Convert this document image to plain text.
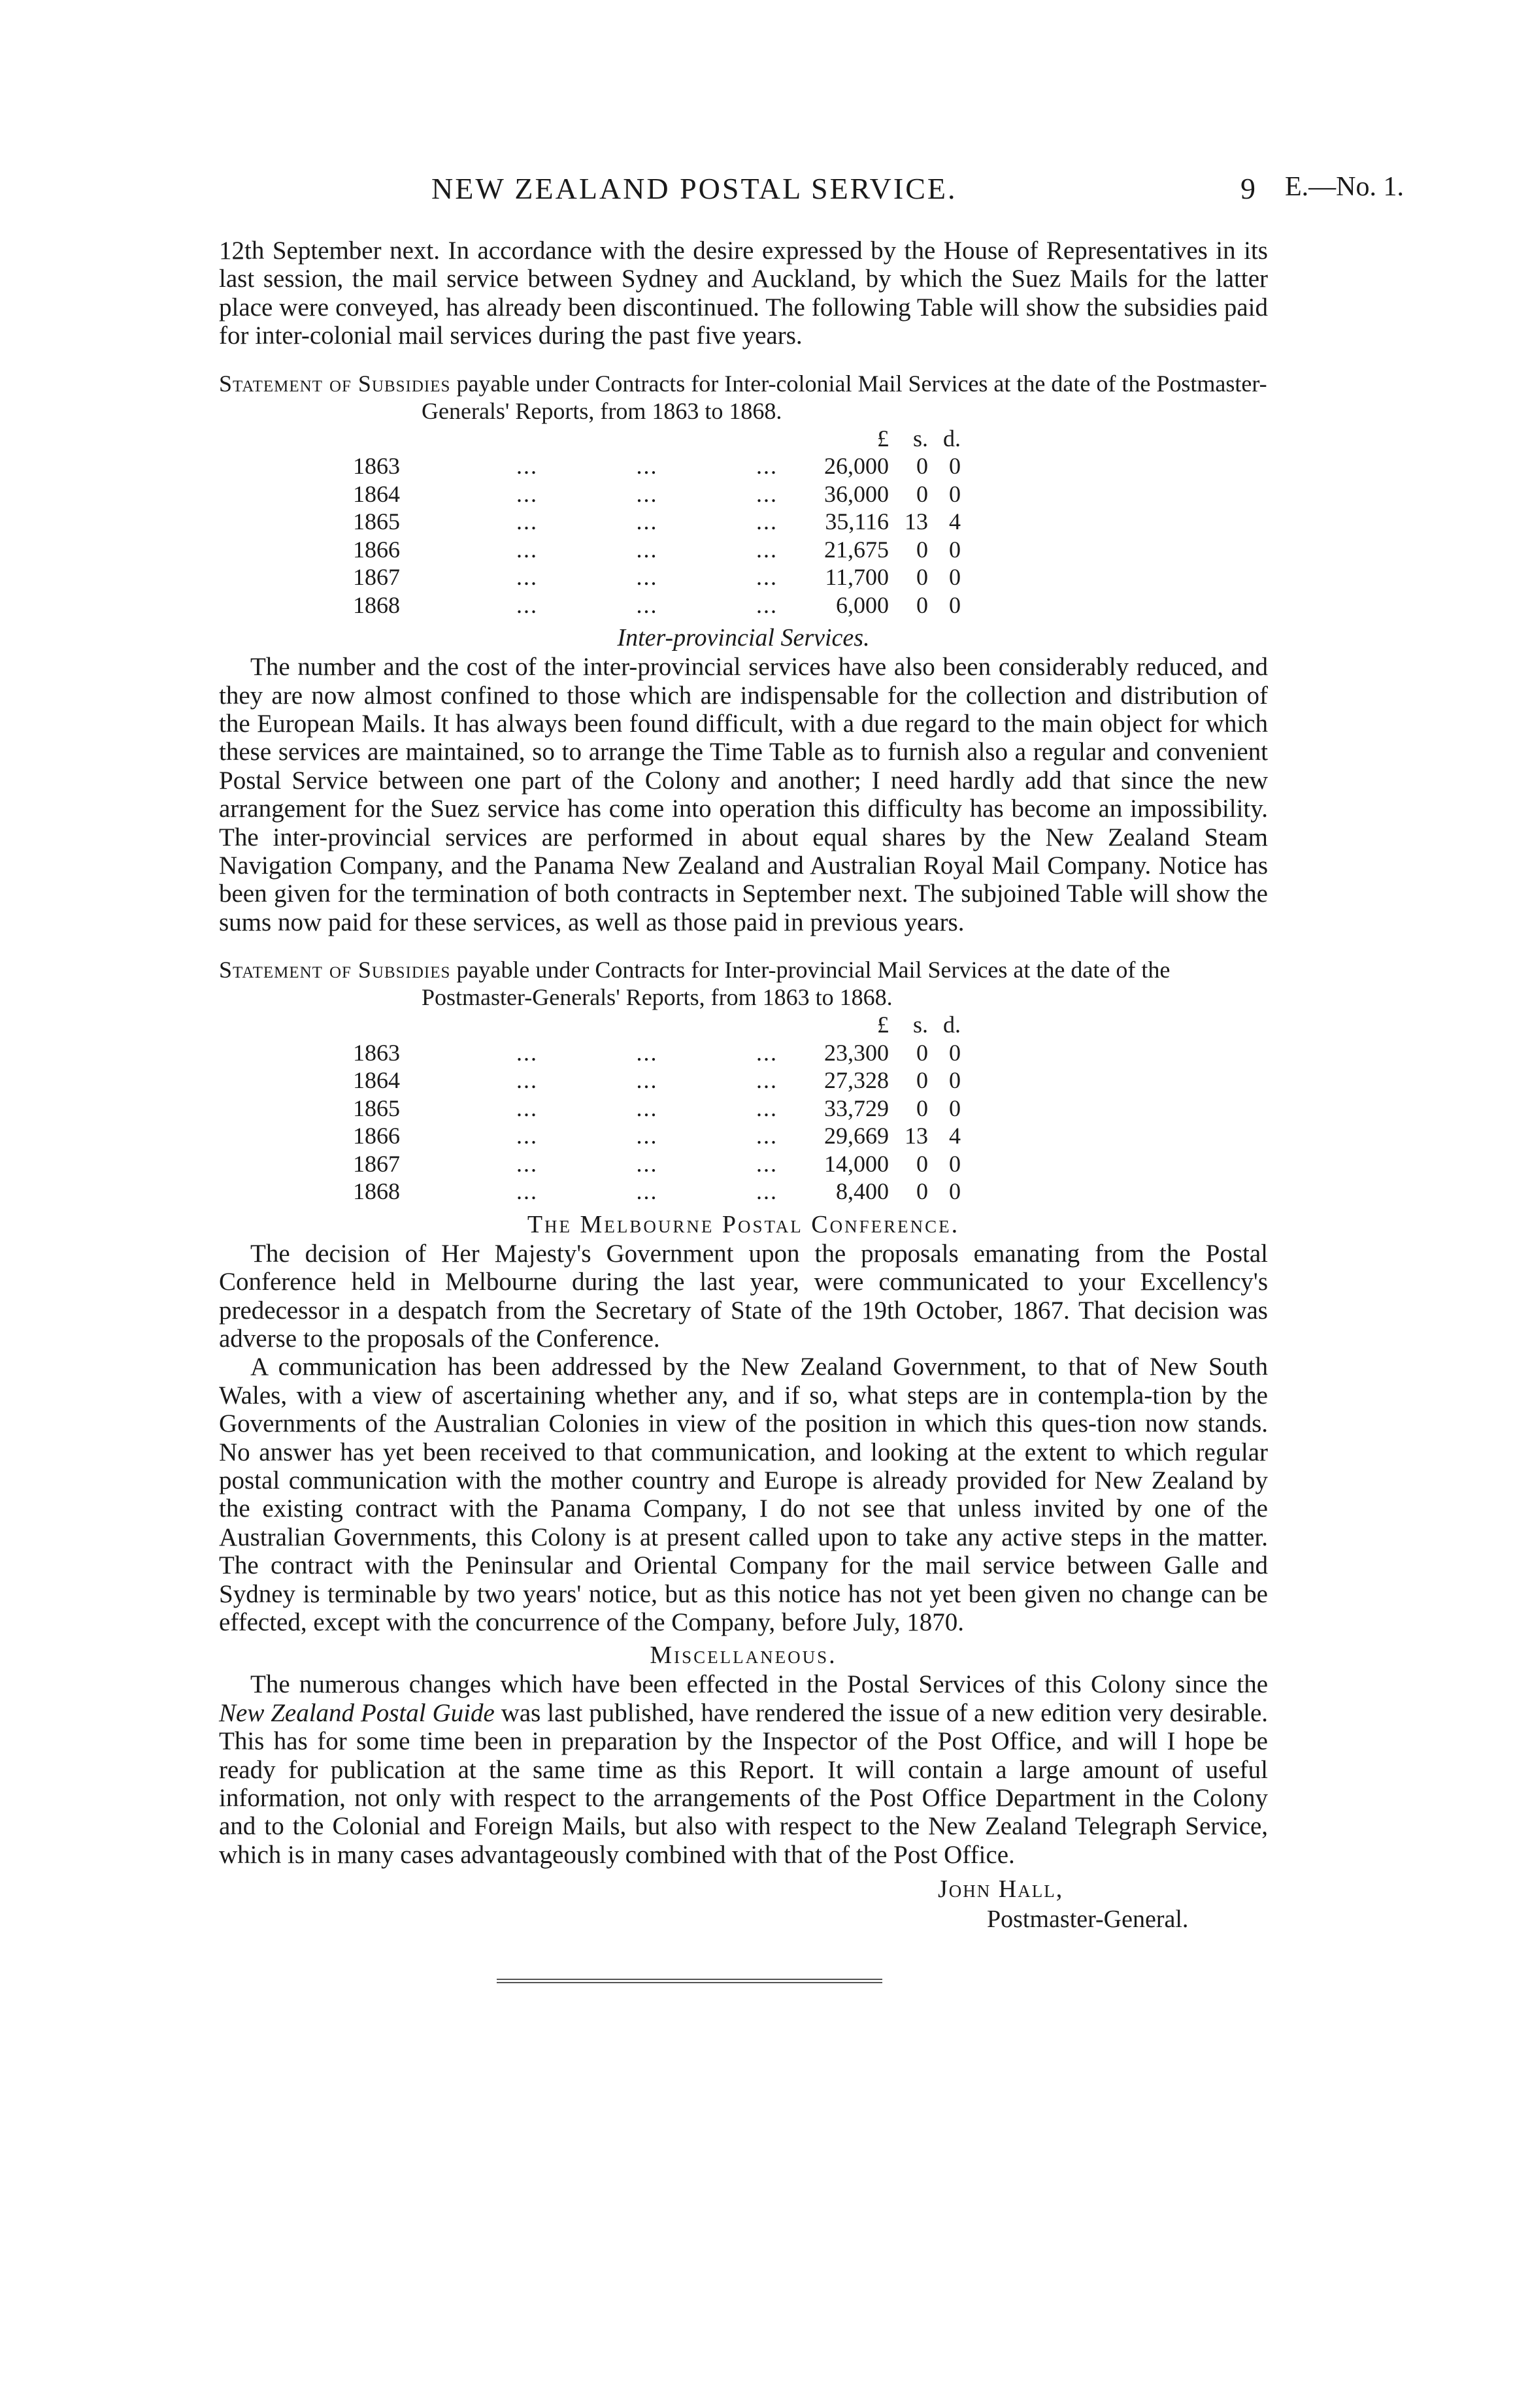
NEW ZEALAND POSTAL SERVICE.	9 E.—No. 1.

12th September next. In accordance with the desire expressed by the House of Representatives in its last session, the mail service between Sydney and Auckland, by which the Suez Mails for the latter place were conveyed, has already been discontinued. The following Table will show the subsidies paid for inter-colonial mail services during the past five years.

Statement of Subsidies payable under Contracts for Inter-colonial Mail Services at the date of the Postmaster-Generals' Reports, from 1863 to 1868.
		£	s.	d.
1863	... ... ...	26,000	0	0
1864	... ... ...	36,000	0	0
1865	... ... ...	35,116	13	4
1866	... ... ...	21,675	0	0
1867	... ... ...	11,700	0	0
1868	... ... ...	6,000	0	0
Inter-provincial Services.

The number and the cost of the inter-provincial services have also been considerably reduced, and they are now almost confined to those which are indispensable for the collection and distribution of the European Mails. It has always been found difficult, with a due regard to the main object for which these services are maintained, so to arrange the Time Table as to furnish also a regular and convenient Postal Service between one part of the Colony and another; I need hardly add that since the new arrangement for the Suez service has come into operation this difficulty has become an impossibility. The inter-provincial services are performed in about equal shares by the New Zealand Steam Navigation Company, and the Panama New Zealand and Australian Royal Mail Company. Notice has been given for the termination of both contracts in September next. The subjoined Table will show the sums now paid for these services, as well as those paid in previous years.

Statement of Subsidies payable under Contracts for Inter-provincial Mail Services at the date of the Postmaster-Generals' Reports, from 1863 to 1868.
		£	s.	d.
1863	... ... ...	23,300	0	0
1864	... ... ...	27,328	0	0
1865	... ... ...	33,729	0	0
1866	... ... ...	29,669	13	4
1867	... ... ...	14,000	0	0
1868	... ... ...	8,400	0	0
The Melbourne Postal Conference.

The decision of Her Majesty's Government upon the proposals emanating from the Postal Conference held in Melbourne during the last year, were communicated to your Excellency's predecessor in a despatch from the Secretary of State of the 19th October, 1867. That decision was adverse to the proposals of the Conference.

A communication has been addressed by the New Zealand Government, to that of New South Wales, with a view of ascertaining whether any, and if so, what steps are in contempla-tion by the Governments of the Australian Colonies in view of the position in which this ques-tion now stands. No answer has yet been received to that communication, and looking at the extent to which regular postal communication with the mother country and Europe is already provided for New Zealand by the existing contract with the Panama Company, I do not see that unless invited by one of the Australian Governments, this Colony is at present called upon to take any active steps in the matter. The contract with the Peninsular and Oriental Company for the mail service between Galle and Sydney is terminable by two years' notice, but as this notice has not yet been given no change can be effected, except with the concurrence of the Company, before July, 1870.

Miscellaneous.

The numerous changes which have been effected in the Postal Services of this Colony since the New Zealand Postal Guide was last published, have rendered the issue of a new edition very desirable. This has for some time been in preparation by the Inspector of the Post Office, and will I hope be ready for publication at the same time as this Report. It will contain a large amount of useful information, not only with respect to the arrangements of the Post Office Department in the Colony and to the Colonial and Foreign Mails, but also with respect to the New Zealand Telegraph Service, which is in many cases advantageously combined with that of the Post Office.

John Hall,
Postmaster-General.
